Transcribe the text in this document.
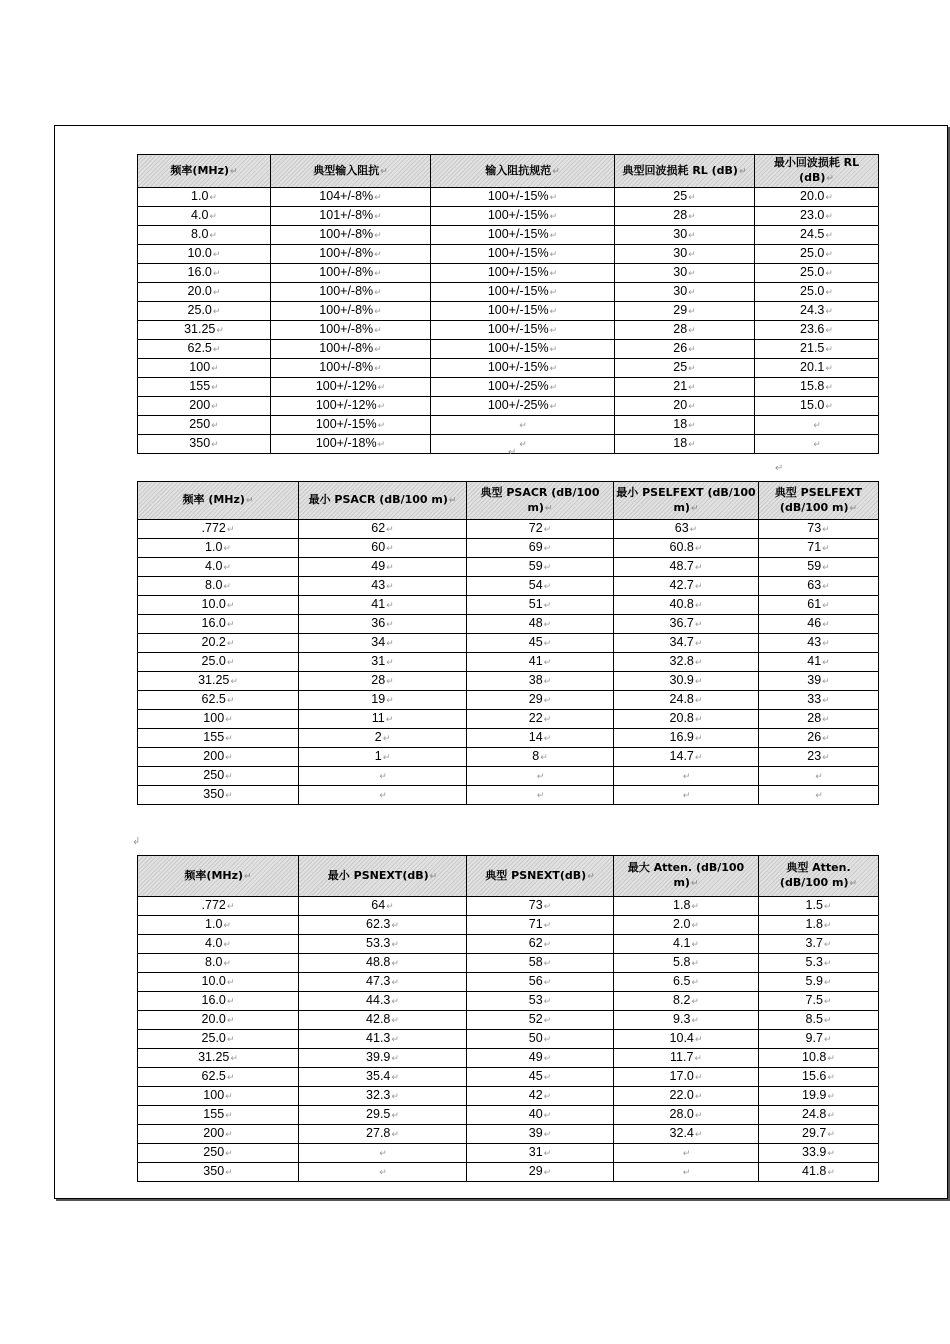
频率(MHz)↵	典型输入阻抗↵	输入阻抗规范↵	典型回波损耗 RL (dB)↵	最小回波损耗 RL (dB)↵
1.0↵	104+/-8%↵	100+/-15%↵	25↵	20.0↵
4.0↵	101+/-8%↵	100+/-15%↵	28↵	23.0↵
8.0↵	100+/-8%↵	100+/-15%↵	30↵	24.5↵
10.0↵	100+/-8%↵	100+/-15%↵	30↵	25.0↵
16.0↵	100+/-8%↵	100+/-15%↵	30↵	25.0↵
20.0↵	100+/-8%↵	100+/-15%↵	30↵	25.0↵
25.0↵	100+/-8%↵	100+/-15%↵	29↵	24.3↵
31.25↵	100+/-8%↵	100+/-15%↵	28↵	23.6↵
62.5↵	100+/-8%↵	100+/-15%↵	26↵	21.5↵
100↵	100+/-8%↵	100+/-15%↵	25↵	20.1↵
155↵	100+/-12%↵	100+/-25%↵	21↵	15.8↵
200↵	100+/-12%↵	100+/-25%↵	20↵	15.0↵
250↵	100+/-15%↵	↵	18↵	↵
350↵	100+/-18%↵	↵	18↵	↵
↵
↵
频率 (MHz)↵	最小 PSACR (dB/100 m)↵	典型 PSACR (dB/100 m)↵	最小 PSELFEXT (dB/100 m)↵	典型 PSELFEXT (dB/100 m)↵
.772↵	62↵	72↵	63↵	73↵
1.0↵	60↵	69↵	60.8↵	71↵
4.0↵	49↵	59↵	48.7↵	59↵
8.0↵	43↵	54↵	42.7↵	63↵
10.0↵	41↵	51↵	40.8↵	61↵
16.0↵	36↵	48↵	36.7↵	46↵
20.2↵	34↵	45↵	34.7↵	43↵
25.0↵	31↵	41↵	32.8↵	41↵
31.25↵	28↵	38↵	30.9↵	39↵
62.5↵	19↵	29↵	24.8↵	33↵
100↵	11↵	22↵	20.8↵	28↵
155↵	2↵	14↵	16.9↵	26↵
200↵	1↵	8↵	14.7↵	23↵
250↵	↵	↵	↵	↵
350↵	↵	↵	↵	↵
↲
频率(MHz)↵	最小 PSNEXT(dB)↵	典型 PSNEXT(dB)↵	最大 Atten. (dB/100 m)↵	典型 Atten. (dB/100 m)↵
.772↵	64↵	73↵	1.8↵	1.5↵
1.0↵	62.3↵	71↵	2.0↵	1.8↵
4.0↵	53.3↵	62↵	4.1↵	3.7↵
8.0↵	48.8↵	58↵	5.8↵	5.3↵
10.0↵	47.3↵	56↵	6.5↵	5.9↵
16.0↵	44.3↵	53↵	8.2↵	7.5↵
20.0↵	42.8↵	52↵	9.3↵	8.5↵
25.0↵	41.3↵	50↵	10.4↵	9.7↵
31.25↵	39.9↵	49↵	11.7↵	10.8↵
62.5↵	35.4↵	45↵	17.0↵	15.6↵
100↵	32.3↵	42↵	22.0↵	19.9↵
155↵	29.5↵	40↵	28.0↵	24.8↵
200↵	27.8↵	39↵	32.4↵	29.7↵
250↵	↵	31↵	↵	33.9↵
350↵	↵	29↵	↵	41.8↵
